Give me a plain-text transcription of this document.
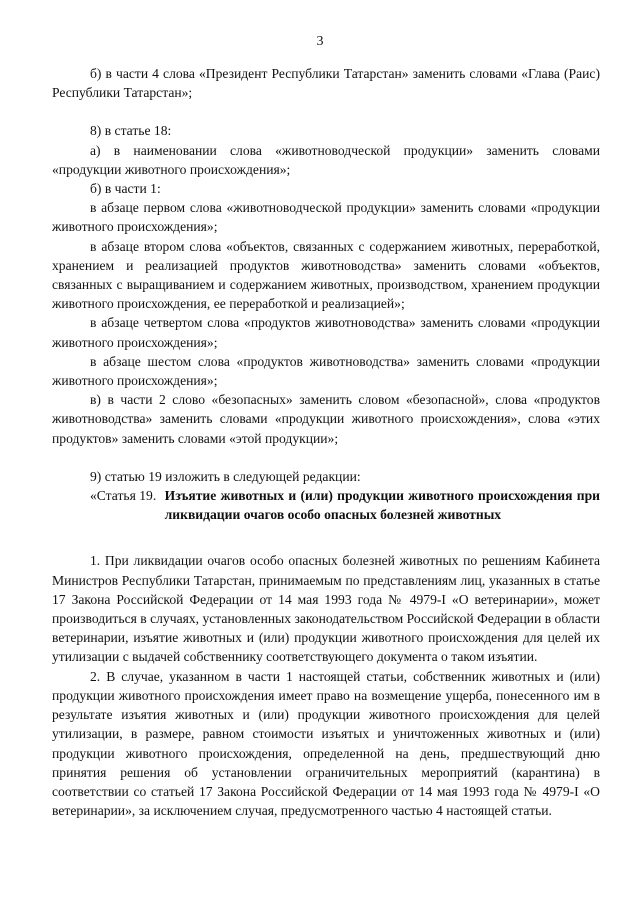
3

б) в части 4 слова «Президент Республики Татарстан» заменить словами «Глава (Раис) Республики Татарстан»;

8) в статье 18:

а) в наименовании слова «животноводческой продукции» заменить словами «продукции животного происхождения»;

б) в части 1:

в абзаце первом слова «животноводческой продукции» заменить словами «продукции животного происхождения»;

в абзаце втором слова «объектов, связанных с содержанием животных, переработкой, хранением и реализацией продуктов животноводства» заменить словами «объектов, связанных с выращиванием и содержанием животных, производством, хранением продукции животного происхождения, ее переработкой и реализацией»;

в абзаце четвертом слова «продуктов животноводства» заменить словами «продукции животного происхождения»;

в абзаце шестом слова «продуктов животноводства» заменить словами «продукции животного происхождения»;

в) в части 2 слово «безопасных» заменить словом «безопасной», слова «продуктов животноводства» заменить словами «продукции животного происхождения», слова «этих продуктов» заменить словами «этой продукции»;

9) статью 19 изложить в следующей редакции:

«Статья 19. Изъятие животных и (или) продукции животного происхождения при ликвидации очагов особо опасных болезней животных

1. При ликвидации очагов особо опасных болезней животных по решениям Кабинета Министров Республики Татарстан, принимаемым по представлениям лиц, указанных в статье 17 Закона Российской Федерации от 14 мая 1993 года № 4979-I «О ветеринарии», может производиться в случаях, установленных законодательством Российской Федерации в области ветеринарии, изъятие животных и (или) продукции животного происхождения для целей их утилизации с выдачей собственнику соответствующего документа о таком изъятии.

2. В случае, указанном в части 1 настоящей статьи, собственник животных и (или) продукции животного происхождения имеет право на возмещение ущерба, понесенного им в результате изъятия животных и (или) продукции животного происхождения для целей утилизации, в размере, равном стоимости изъятых и уничтоженных животных и (или) продукции животного происхождения, определенной на день, предшествующий дню принятия решения об установлении ограничительных мероприятий (карантина) в соответствии со статьей 17 Закона Российской Федерации от 14 мая 1993 года № 4979-I «О ветеринарии», за исключением случая, предусмотренного частью 4 настоящей статьи.
